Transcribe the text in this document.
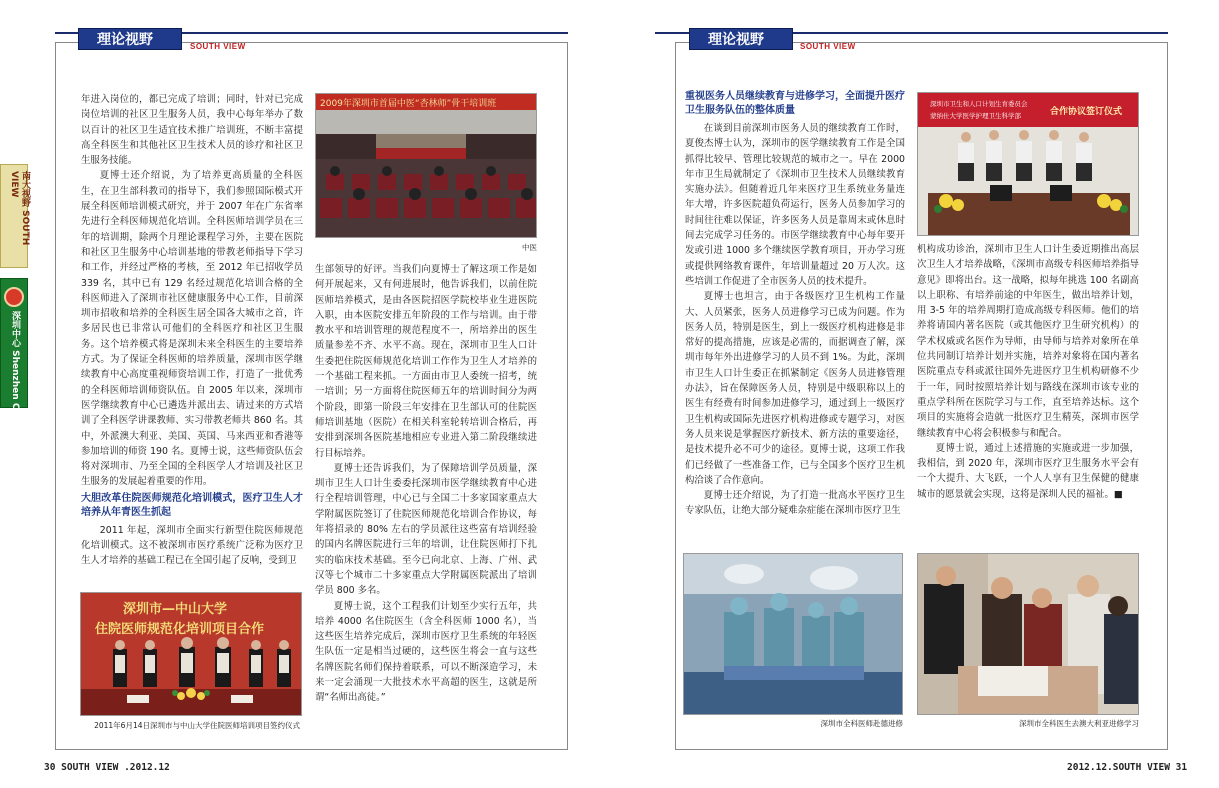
理论视野	SOUTH VIEW
南大视野 SOUTH VIEW
深圳中心 Shenzhen Center

年进入岗位的，都已完成了培训；同时，针对已完成岗位培训的社区卫生服务人员，我中心每年举办了数以百计的社区卫生适宜技术推广培训班，不断丰富提高全科医生和其他社区卫生技术人员的诊疗和社区卫生服务技能。

夏博士还介绍说，为了培养更高质量的全科医生，在卫生部科教司的指导下，我们参照国际模式开展全科医师培训模式研究，并于 2007 年在广东省率先进行全科医师规范化培训。全科医师培训学员在三年的培训期，除两个月理论课程学习外，主要在医院和社区卫生服务中心培训基地的带教老师指导下学习和工作，并经过严格的考核，至 2012 年已招收学员 339 名，其中已有 129 名经过规范化培训合格的全科医师进入了深圳市社区健康服务中心工作，目前深圳市招收和培养的全科医生居全国各大城市之首，许多居民也已非常认可他们的全科医疗和社区卫生服务。这个培养模式将是深圳未来全科医生的主要培养方式。为了保证全科医师的培养质量，深圳市医学继续教育中心高度重视师资培训工作，打造了一批优秀的全科医师培训师资队伍。自 2005 年以来，深圳市医学继续教育中心已遴选并派出去、请过来的方式培训了全科医学讲课教师、实习带教老师共 860 名。其中，外派澳大利亚、美国、英国、马来西亚和香港等参加培训的师资 190 名。夏博士说，这些师资队伍会将对深圳市、乃至全国的全科医学人才培训及社区卫生服务的发展起着重要的作用。

大胆改革住院医师规范化培训模式，医疗卫生人才培养从年青医生抓起

2011 年起，深圳市全面实行新型住院医师规范化培训模式。这不被深圳市医疗系统广泛称为医疗卫生人才培养的基础工程已在全国引起了反响，受到卫

2009年深圳市首届中医“杏林师”骨干培训班
中医

生部领导的好评。当我们向夏博士了解这项工作是如何开展起来，又有何进展时，他告诉我们，以前住院医师培养模式，是由各医院招医学院校毕业生进医院入职，由本医院安排五年阶段的工作与培训。由于带教水平和培训管理的规范程度不一，所培养出的医生质量参差不齐、水平不高。现在，深圳市卫生人口计生委把住院医师规范化培训工作作为卫生人才培养的一个基础工程来抓。一方面由市卫人委统一招考，统一培训；另一方面将住院医师五年的培训时间分为两个阶段，即第一阶段三年安排在卫生部认可的住院医师培训基地（医院）在相关科室轮转培训合格后，再安排到深圳各医院基地相应专业进入第二阶段继续进行目标培养。

夏博士还告诉我们，为了保障培训学员质量，深圳市卫生人口计生委委托深圳市医学继续教育中心进行全程培训管理，中心已与全国二十多家国家重点大学附属医院签订了住院医师规范化培训合作协议，每年将招录的 80% 左右的学员派往这些富有培训经验的国内名牌医院进行三年的培训，让住院医师打下扎实的临床技术基础。至今已向北京、上海、广州、武汉等七个城市二十多家重点大学附属医院派出了培训学员 800 多名。

夏博士说，这个工程我们计划至少实行五年，共培养 4000 名住院医生（含全科医师 1000 名），当这些医生培养完成后，深圳市医疗卫生系统的年轻医生队伍一定是相当过硬的，这些医生将会一直与这些名牌医院名师们保持着联系，可以不断深造学习，未来一定会涌现一大批技术水平高超的医生，这就是所谓“名师出高徒。”

深圳市—中山大学
住院医师规范化培训项目合作
2011年6月14日深圳市与中山大学住院医师培训项目签约仪式
30 SOUTH VIEW .2012.12
理论视野	SOUTH VIEW
重视医务人员继续教育与进修学习，全面提升医疗卫生服务队伍的整体质量

在谈到目前深圳市医务人员的继续教育工作时，夏俊杰博士认为，深圳市的医学继续教育工作是全国抓得比较早、管理比较规范的城市之一。早在 2000 年市卫生局就制定了《深圳市卫生技术人员继续教育实施办法》。但随着近几年来医疗卫生系统业务量连年大增，许多医院超负荷运行，医务人员参加学习的时间往往难以保证，许多医务人员是靠周末或休息时间去完成学习任务的。市医学继续教育中心每年要开发或引进 1000 多个继续医学教育项目，开办学习班或提供网络教育课件，年培训量超过 20 万人次。这些培训工作促进了全市医务人员的技术提升。

夏博士也坦言，由于各级医疗卫生机构工作量大、人员紧张，医务人员进修学习已成为问题。作为医务人员，特别是医生，到上一级医疗机构进修是非常好的提高措施，应该是必需的，而据调查了解，深圳市每年外出进修学习的人员不到 1%。为此，深圳市卫生人口计生委正在抓紧制定《医务人员进修管理办法》，旨在保障医务人员，特别是中级职称以上的医生有经费有时间参加进修学习，通过到上一级医疗卫生机构或国际先进医疗机构进修或专题学习，对医务人员来说是掌握医疗新技术、新方法的重要途径，是技术提升必不可少的途径。夏博士说，这项工作我们已经做了一些准备工作，已与全国多个医疗卫生机构洽谈了合作意向。

夏博士还介绍说，为了打造一批高水平医疗卫生专家队伍，让绝大部分疑难杂症能在深圳市医疗卫生

深圳市卫生和人口计划生育委员会
蒙纳仕大学医学护理卫生科学部	合作协议签订仪式

机构成功诊治，深圳市卫生人口计生委近期推出高层次卫生人才培养战略，《深圳市高级专科医师培养指导意见》即将出台。这一战略，拟每年挑选 100 名副高以上职称、有培养前途的中年医生，做出培养计划，用 3-5 年的培养周期打造成高级专科医师。他们的培养将请国内著名医院（或其他医疗卫生研究机构）的学术权威或名医作为导师，由导师与培养对象所在单位共同制订培养计划并实施，培养对象将在国内著名医院重点专科或派往国外先进医疗卫生机构研修不少于一年，同时按照培养计划与路线在深圳市该专业的重点学科所在医院学习与工作，直至培养达标。这个项目的实施将会造就一批医疗卫生精英，深圳市医学继续教育中心将会积极参与和配合。

夏博士说，通过上述措施的实施或进一步加强，我相信，到 2020 年，深圳市医疗卫生服务水平会有一个大提升、大飞跃，一个人人享有卫生保健的健康城市的愿景就会实现，这将是深圳人民的福祉。■

深圳市全科医师赴德进修	深圳市全科医生去澳大利亚进修学习
2012.12.SOUTH VIEW 31
